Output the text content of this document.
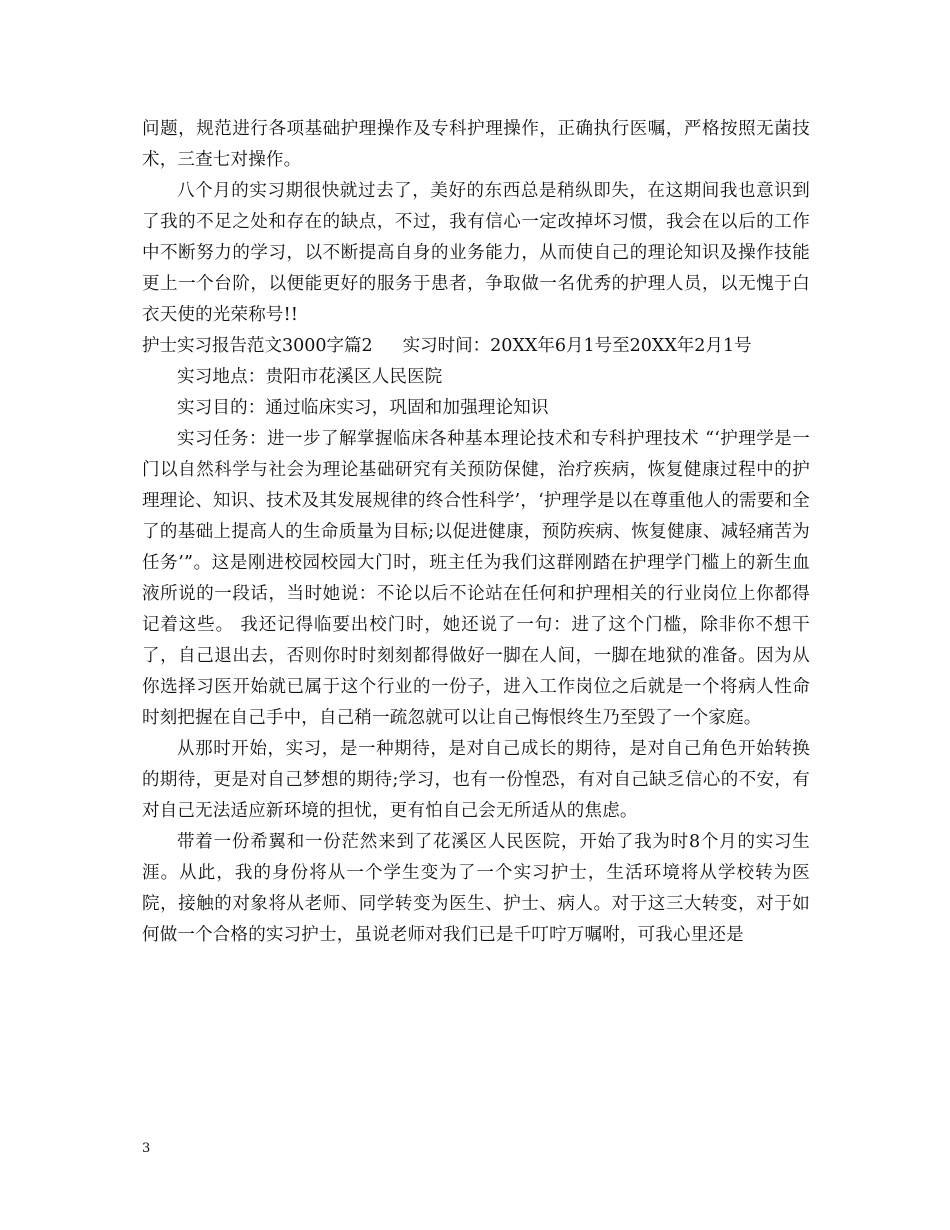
问题，规范进行各项基础护理操作及专科护理操作，正确执行医嘱，严格按照无菌技术，三查七对操作。

八个月的实习期很快就过去了，美好的东西总是稍纵即失，在这期间我也意识到了我的不足之处和存在的缺点，不过，我有信心一定改掉坏习惯，我会在以后的工作中不断努力的学习，以不断提高自身的业务能力，从而使自己的理论知识及操作技能更上一个台阶，以便能更好的服务于患者，争取做一名优秀的护理人员，以无愧于白衣天使的光荣称号!!

护士实习报告范文3000字篇2 实习时间：20XX年6月1号至20XX年2月1号

实习地点：贵阳市花溪区人民医院

实习目的：通过临床实习，巩固和加强理论知识

实习任务：进一步了解掌握临床各种基本理论技术和专科护理技术 “‘护理学是一门以自然科学与社会为理论基础研究有关预防保健，治疗疾病，恢复健康过程中的护理理论、知识、技术及其发展规律的终合性科学’，‘护理学是以在尊重他人的需要和全了的基础上提高人的生命质量为目标;以促进健康，预防疾病、恢复健康、减轻痛苦为任务’”。这是刚进校园校园大门时，班主任为我们这群刚踏在护理学门槛上的新生血液所说的一段话，当时她说：不论以后不论站在任何和护理相关的行业岗位上你都得记着这些。 我还记得临要出校门时，她还说了一句：进了这个门槛，除非你不想干了，自己退出去，否则你时时刻刻都得做好一脚在人间，一脚在地狱的准备。因为从你选择习医开始就已属于这个行业的一份子，进入工作岗位之后就是一个将病人性命时刻把握在自己手中，自己稍一疏忽就可以让自己悔恨终生乃至毁了一个家庭。

从那时开始，实习，是一种期待，是对自己成长的期待，是对自己角色开始转换的期待，更是对自己梦想的期待;学习，也有一份惶恐，有对自己缺乏信心的不安，有对自己无法适应新环境的担忧，更有怕自己会无所适从的焦虑。

带着一份希翼和一份茫然来到了花溪区人民医院，开始了我为时8个月的实习生涯。从此，我的身份将从一个学生变为了一个实习护士，生活环境将从学校转为医院，接触的对象将从老师、同学转变为医生、护士、病人。对于这三大转变，对于如何做一个合格的实习护士，虽说老师对我们已是千叮咛万嘱咐，可我心里还是

3
